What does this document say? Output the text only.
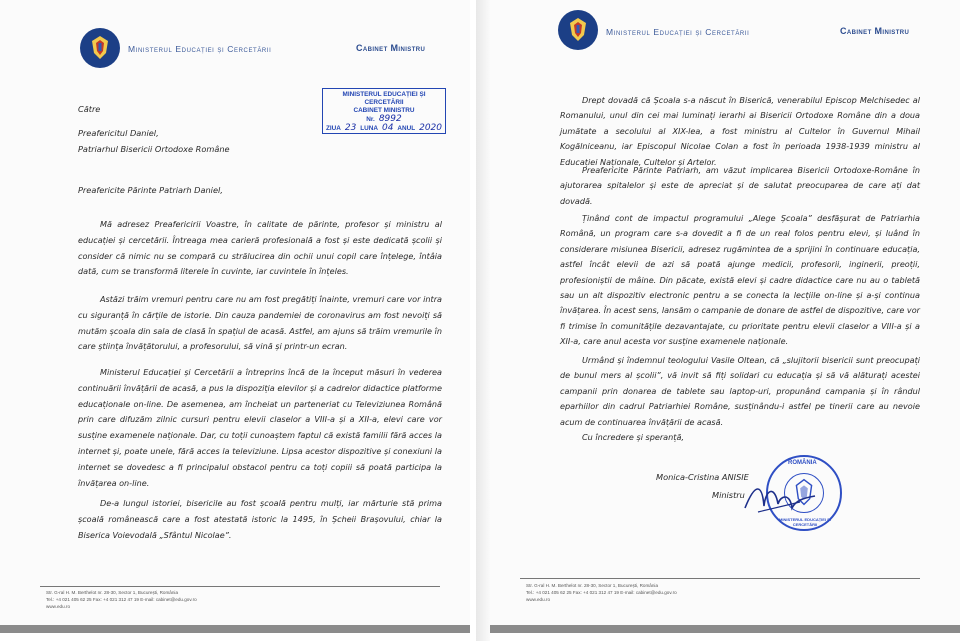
Ministerul Educației și Cercetării	Cabinet Ministru
MINISTERUL EDUCAȚIEI ȘI CERCETĂRII
CABINET MINISTRU
Nr. 8992
ZIUA 23 LUNA 04 ANUL 2020
Către
Preafericitul Daniel,
Patriarhul Bisericii Ortodoxe Române
Preafericite Părinte Patriarh Daniel,
Mă adresez Preafericirii Voastre, în calitate de părinte, profesor și ministru al educației și cercetării. Întreaga mea carieră profesională a fost și este dedicată școlii și consider că nimic nu se compară cu strălucirea din ochii unui copil care înțelege, întâia dată, cum se transformă literele în cuvinte, iar cuvintele în înțeles.
Astăzi trăim vremuri pentru care nu am fost pregătiți înainte, vremuri care vor intra cu siguranță în cărțile de istorie. Din cauza pandemiei de coronavirus am fost nevoiți să mutăm școala din sala de clasă în spațiul de acasă. Astfel, am ajuns să trăim vremurile în care știința învățătorului, a profesorului, să vină și printr-un ecran.
Ministerul Educației și Cercetării a întreprins încă de la început măsuri în vederea continuării învățării de acasă, a pus la dispoziția elevilor și a cadrelor didactice platforme educaționale on-line. De asemenea, am încheiat un parteneriat cu Televiziunea Română prin care difuzăm zilnic cursuri pentru elevii claselor a VIII-a și a XII-a, elevi care vor susține examenele naționale. Dar, cu toții cunoaștem faptul că există familii fără acces la internet și, poate unele, fără acces la televiziune. Lipsa acestor dispozitive și conexiuni la internet se dovedesc a fi principalul obstacol pentru ca toți copiii să poată participa la învățarea on-line.
De-a lungul istoriei, bisericile au fost școală pentru mulți, iar mărturie stă prima școală românească care a fost atestată istoric la 1495, în Șcheii Brașovului, chiar la Biserica Voievodală „Sfântul Nicolae”.
Str. G-ral H. M. Berthelot nr. 28-30, Sector 1, București, România
Tel.: +4 021 405 62 25 Fax: +4 021 312 47 19 E-mail: cabinet@edu.gov.ro
www.edu.ro
Ministerul Educației și Cercetării	Cabinet Ministru
Drept dovadă că Școala s-a născut în Biserică, venerabilul Episcop Melchisedec al Romanului, unul din cei mai luminați ierarhi ai Bisericii Ortodoxe Române din a doua jumătate a secolului al XIX-lea, a fost ministru al Cultelor în Guvernul Mihail Kogălniceanu, iar Episcopul Nicolae Colan a fost în perioada 1938-1939 ministru al Educației Naționale, Cultelor și Artelor.
Preafericite Părinte Patriarh, am văzut implicarea Bisericii Ortodoxe-Române în ajutorarea spitalelor și este de apreciat și de salutat preocuparea de care ați dat dovadă.
Ținând cont de impactul programului „Alege Școala” desfășurat de Patriarhia Română, un program care s-a dovedit a fi de un real folos pentru elevi, și luând în considerare misiunea Bisericii, adresez rugămintea de a sprijini în continuare educația, astfel încât elevii de azi să poată ajunge medicii, profesorii, inginerii, preoții, profesioniștii de mâine. Din păcate, există elevi și cadre didactice care nu au o tabletă sau un alt dispozitiv electronic pentru a se conecta la lecțiile on-line și a-și continua învățarea. În acest sens, lansăm o campanie de donare de astfel de dispozitive, care vor fi trimise în comunitățile dezavantajate, cu prioritate pentru elevii claselor a VIII-a și a XII-a, care anul acesta vor susține examenele naționale.
Urmând și îndemnul teologului Vasile Oltean, că „slujitorii bisericii sunt preocupați de bunul mers al școlii”, vă invit să fiți solidari cu educația și să vă alăturați acestei campanii prin donarea de tablete sau laptop-uri, propunând campania și în rândul eparhiilor din cadrul Patriarhiei Române, susținându-i astfel pe tinerii care au nevoie acum de continuarea învățării de acasă.
Cu încredere și speranță,
Monica-Cristina ANISIE
Ministru
Str. G-ral H. M. Berthelot nr. 28-30, Sector 1, București, România
Tel.: +4 021 405 62 25 Fax: +4 021 312 47 19 E-mail: cabinet@edu.gov.ro
www.edu.ro
ROMÂNIA
MINISTERUL EDUCAȚIEI ȘI CERCETĂRII
